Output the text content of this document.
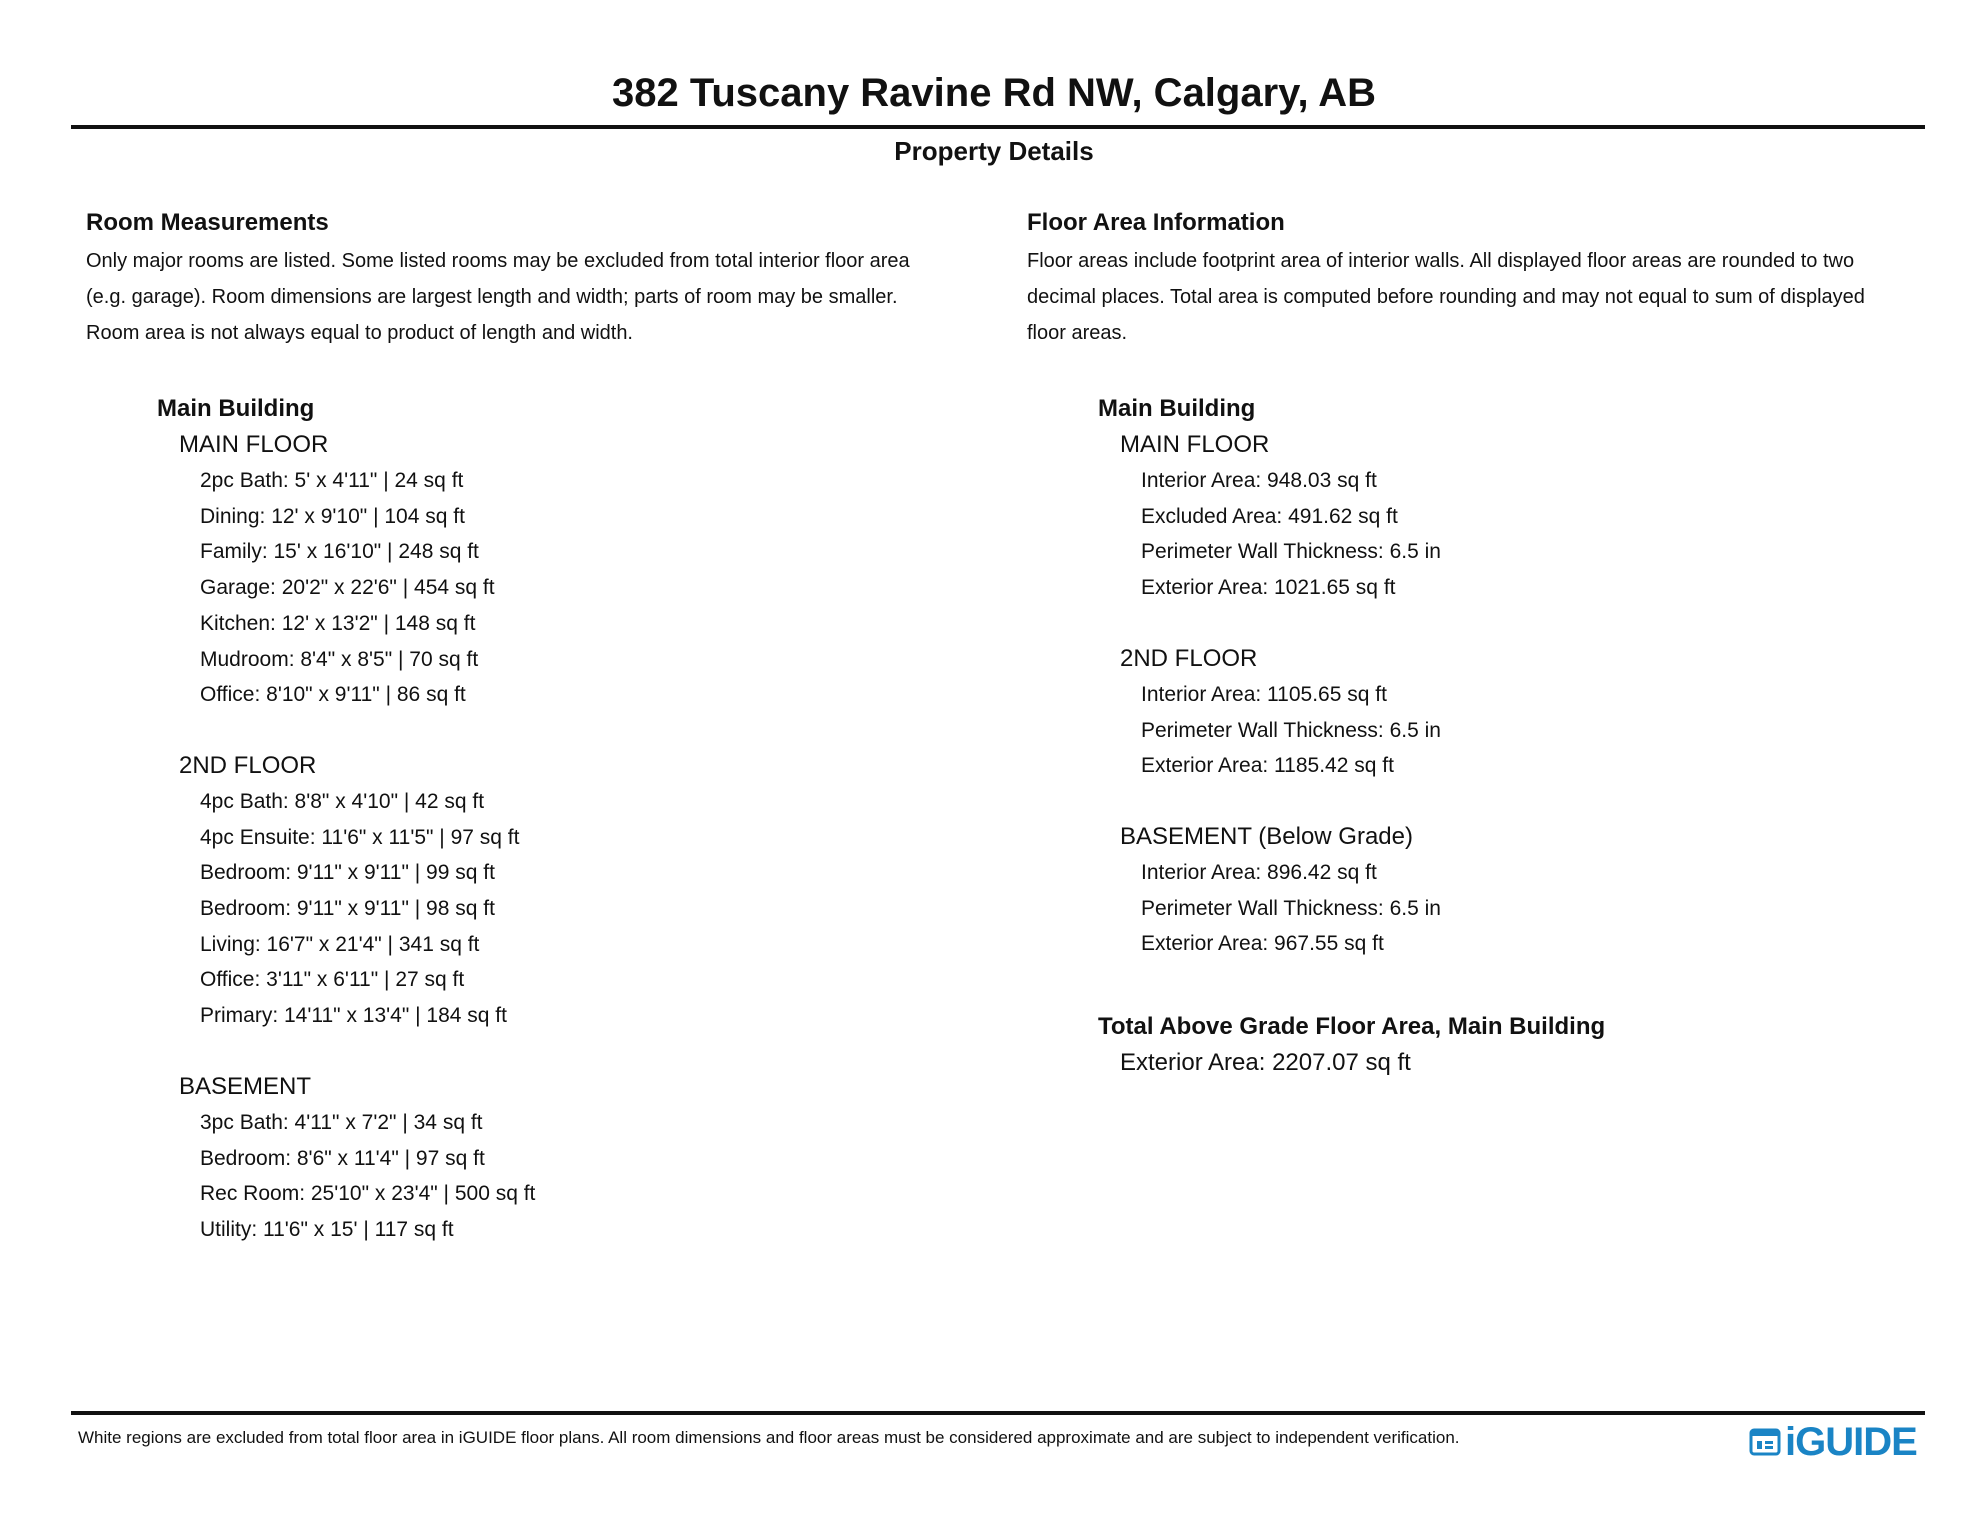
382 Tuscany Ravine Rd NW, Calgary, AB
Property Details
Room Measurements

Only major rooms are listed. Some listed rooms may be excluded from total interior floor area
(e.g. garage). Room dimensions are largest length and width; parts of room may be smaller.
Room area is not always equal to product of length and width.

Main Building
MAIN FLOOR
2pc Bath: 5' x 4'11" | 24 sq ft
Dining: 12' x 9'10" | 104 sq ft
Family: 15' x 16'10" | 248 sq ft
Garage: 20'2" x 22'6" | 454 sq ft
Kitchen: 12' x 13'2" | 148 sq ft
Mudroom: 8'4" x 8'5" | 70 sq ft
Office: 8'10" x 9'11" | 86 sq ft
2ND FLOOR
4pc Bath: 8'8" x 4'10" | 42 sq ft
4pc Ensuite: 11'6" x 11'5" | 97 sq ft
Bedroom: 9'11" x 9'11" | 99 sq ft
Bedroom: 9'11" x 9'11" | 98 sq ft
Living: 16'7" x 21'4" | 341 sq ft
Office: 3'11" x 6'11" | 27 sq ft
Primary: 14'11" x 13'4" | 184 sq ft
BASEMENT
3pc Bath: 4'11" x 7'2" | 34 sq ft
Bedroom: 8'6" x 11'4" | 97 sq ft
Rec Room: 25'10" x 23'4" | 500 sq ft
Utility: 11'6" x 15' | 117 sq ft
Floor Area Information

Floor areas include footprint area of interior walls. All displayed floor areas are rounded to two
decimal places. Total area is computed before rounding and may not equal to sum of displayed
floor areas.

Main Building
MAIN FLOOR
Interior Area: 948.03 sq ft
Excluded Area: 491.62 sq ft
Perimeter Wall Thickness: 6.5 in
Exterior Area: 1021.65 sq ft
2ND FLOOR
Interior Area: 1105.65 sq ft
Perimeter Wall Thickness: 6.5 in
Exterior Area: 1185.42 sq ft
BASEMENT (Below Grade)
Interior Area: 896.42 sq ft
Perimeter Wall Thickness: 6.5 in
Exterior Area: 967.55 sq ft
Total Above Grade Floor Area, Main Building
Exterior Area: 2207.07 sq ft
White regions are excluded from total floor area in iGUIDE floor plans. All room dimensions and floor areas must be considered approximate and are subject to independent verification.	iGUIDE
